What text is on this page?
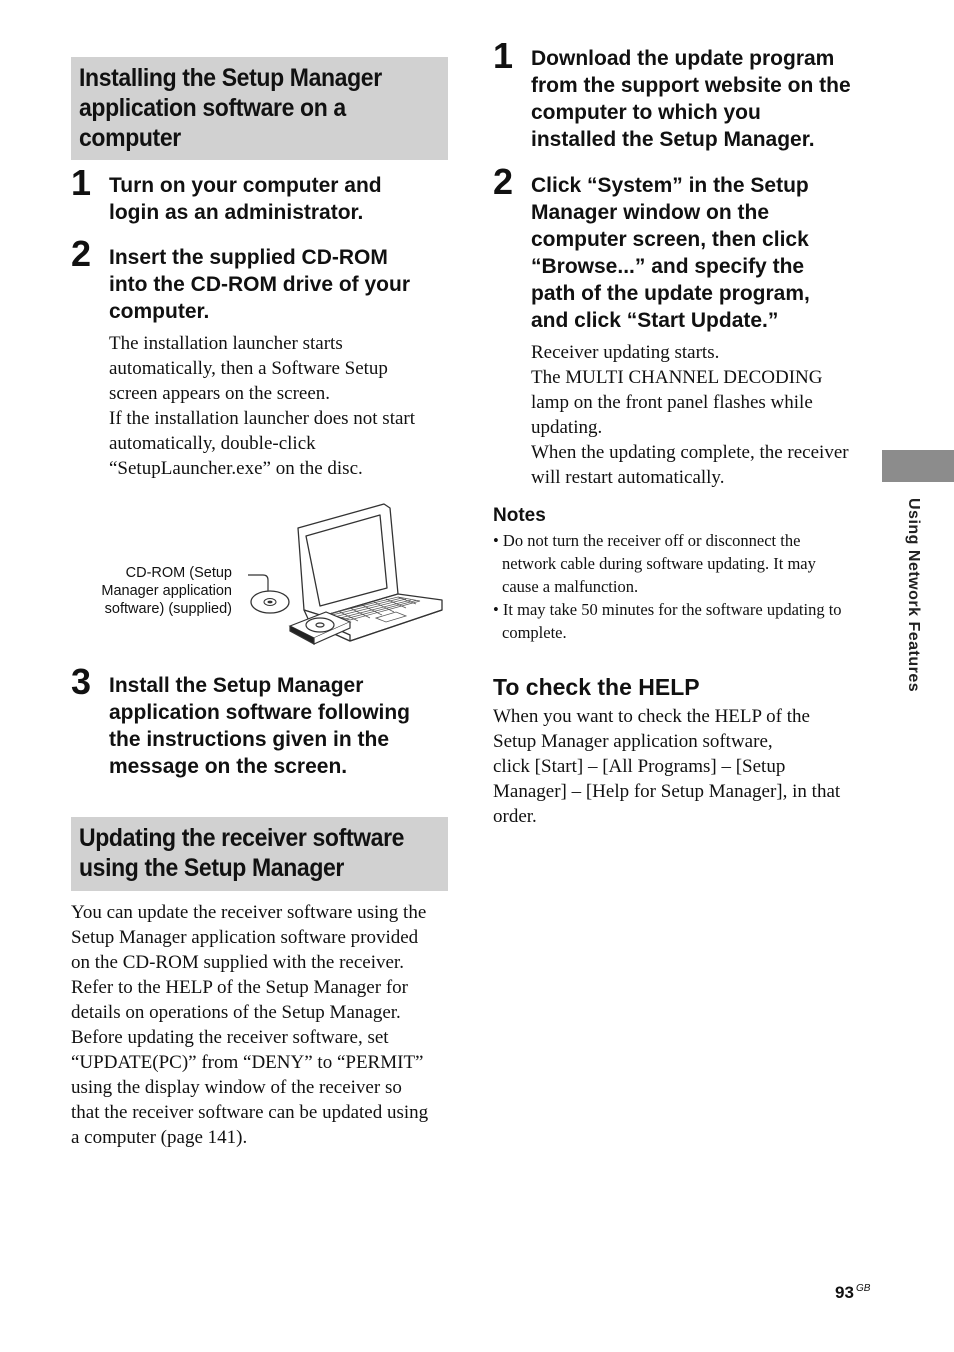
Installing the Setup Manager
application software on a
computer
1 Turn on your computer and
login as an administrator.
2 Insert the supplied CD-ROM
into the CD-ROM drive of your
computer.
The installation launcher starts
automatically, then a Software Setup
screen appears on the screen.
If the installation launcher does not start
automatically, double-click
“SetupLauncher.exe” on the disc.
CD-ROM (Setup
Manager application
software) (supplied)
3 Install the Setup Manager
application software following
the instructions given in the
message on the screen.
Updating the receiver software
using the Setup Manager
You can update the receiver software using the
Setup Manager application software provided
on the CD-ROM supplied with the receiver.
Refer to the HELP of the Setup Manager for
details on operations of the Setup Manager.
Before updating the receiver software, set
“UPDATE(PC)” from “DENY” to “PERMIT”
using the display window of the receiver so
that the receiver software can be updated using
a computer (page 141).
1 Download the update program
from the support website on the
computer to which you
installed the Setup Manager.
2 Click “System” in the Setup
Manager window on the
computer screen, then click
“Browse...” and specify the
path of the update program,
and click “Start Update.”
Receiver updating starts.
The MULTI CHANNEL DECODING
lamp on the front panel flashes while
updating.
When the updating complete, the receiver
will restart automatically.
Notes
• Do not turn the receiver off or disconnect the
network cable during software updating. It may
cause a malfunction.
• It may take 50 minutes for the software updating to
complete.
To check the HELP
When you want to check the HELP of the
Setup Manager application software,
click [Start] – [All Programs] – [Setup
Manager] – [Help for Setup Manager], in that
order.
Using Network Features
93 GB
